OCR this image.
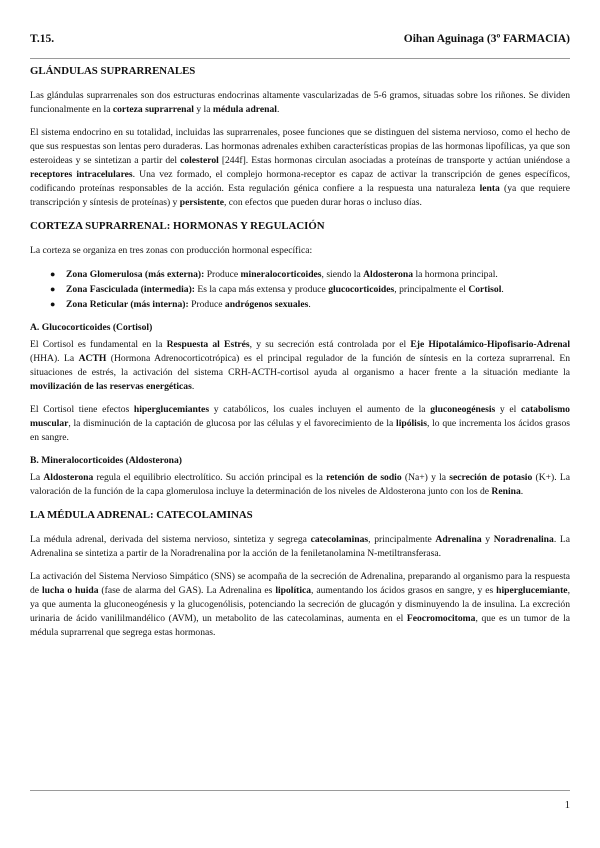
T.15.	Oihan Aguinaga (3º FARMACIA)
GLÁNDULAS SUPRARRENALES

Las glándulas suprarrenales son dos estructuras endocrinas altamente vascularizadas de 5-6 gramos, situadas sobre los riñones. Se dividen funcionalmente en la corteza suprarrenal y la médula adrenal.

El sistema endocrino en su totalidad, incluidas las suprarrenales, posee funciones que se distinguen del sistema nervioso, como el hecho de que sus respuestas son lentas pero duraderas. Las hormonas adrenales exhiben características propias de las hormonas lipofílicas, ya que son esteroideas y se sintetizan a partir del colesterol [244f]. Estas hormonas circulan asociadas a proteínas de transporte y actúan uniéndose a receptores intracelulares. Una vez formado, el complejo hormona-receptor es capaz de activar la transcripción de genes específicos, codificando proteínas responsables de la acción. Esta regulación génica confiere a la respuesta una naturaleza lenta (ya que requiere transcripción y síntesis de proteínas) y persistente, con efectos que pueden durar horas o incluso días.

CORTEZA SUPRARRENAL: HORMONAS Y REGULACIÓN

La corteza se organiza en tres zonas con producción hormonal específica:

● Zona Glomerulosa (más externa): Produce mineralocorticoides, siendo la Aldosterona la hormona principal.
● Zona Fasciculada (intermedia): Es la capa más extensa y produce glucocorticoides, principalmente el Cortisol.
● Zona Reticular (más interna): Produce andrógenos sexuales.
A. Glucocorticoides (Cortisol)

El Cortisol es fundamental en la Respuesta al Estrés, y su secreción está controlada por el Eje Hipotalámico-Hipofisario-Adrenal (HHA). La ACTH (Hormona Adrenocorticotrópica) es el principal regulador de la función de síntesis en la corteza suprarrenal. En situaciones de estrés, la activación del sistema CRH-ACTH-cortisol ayuda al organismo a hacer frente a la situación mediante la movilización de las reservas energéticas.

El Cortisol tiene efectos hiperglucemiantes y catabólicos, los cuales incluyen el aumento de la gluconeogénesis y el catabolismo muscular, la disminución de la captación de glucosa por las células y el favorecimiento de la lipólisis, lo que incrementa los ácidos grasos en sangre.

B. Mineralocorticoides (Aldosterona)

La Aldosterona regula el equilibrio electrolítico. Su acción principal es la retención de sodio (Na+) y la secreción de potasio (K+). La valoración de la función de la capa glomerulosa incluye la determinación de los niveles de Aldosterona junto con los de Renina.

LA MÉDULA ADRENAL: CATECOLAMINAS

La médula adrenal, derivada del sistema nervioso, sintetiza y segrega catecolaminas, principalmente Adrenalina y Noradrenalina. La Adrenalina se sintetiza a partir de la Noradrenalina por la acción de la feniletanolamina N-metiltransferasa.

La activación del Sistema Nervioso Simpático (SNS) se acompaña de la secreción de Adrenalina, preparando al organismo para la respuesta de lucha o huida (fase de alarma del GAS). La Adrenalina es lipolítica, aumentando los ácidos grasos en sangre, y es hiperglucemiante, ya que aumenta la gluconeogénesis y la glucogenólisis, potenciando la secreción de glucagón y disminuyendo la de insulina. La excreción urinaria de ácido vanililmandélico (AVM), un metabolito de las catecolaminas, aumenta en el Feocromocitoma, que es un tumor de la médula suprarrenal que segrega estas hormonas.

1
